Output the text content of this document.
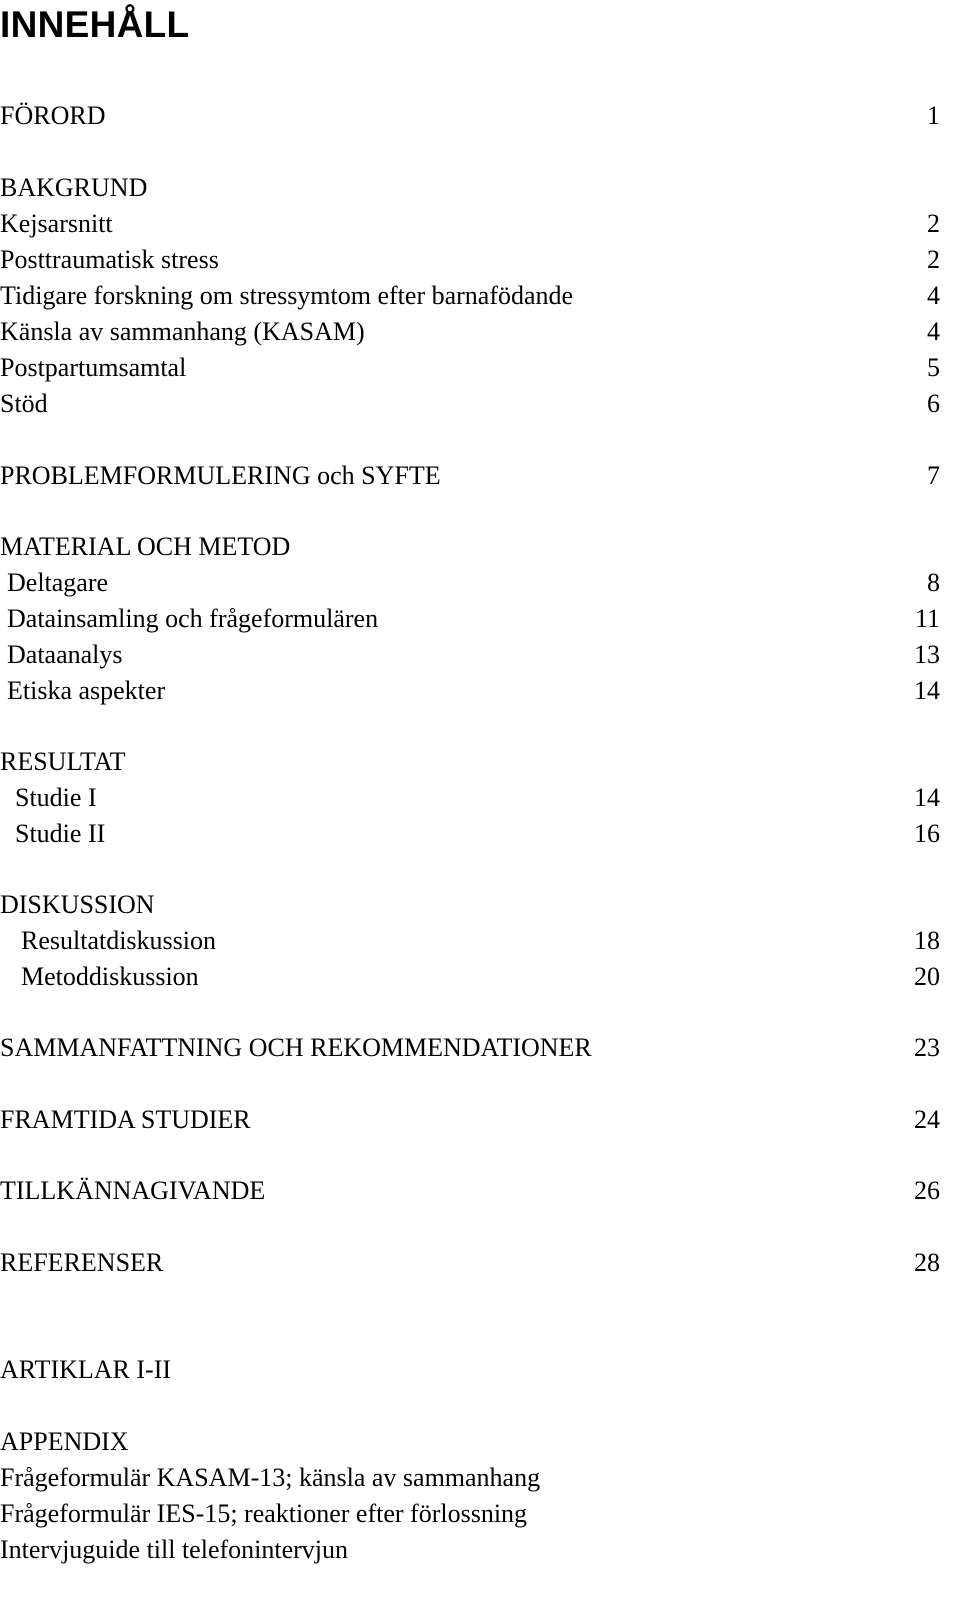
INNEHÅLL
FÖRORD	1
BAKGRUND
Kejsarsnitt	2
Posttraumatisk stress	2
Tidigare forskning om stressymtom efter barnafödande	4
Känsla av sammanhang (KASAM)	4
Postpartumsamtal	5
Stöd	6
PROBLEMFORMULERING och SYFTE	7
MATERIAL OCH METOD
Deltagare	8
Datainsamling och frågeformulären	11
Dataanalys	13
Etiska aspekter	14
RESULTAT
Studie I	14
Studie II	16
DISKUSSION
Resultatdiskussion	18
Metoddiskussion	20
SAMMANFATTNING OCH REKOMMENDATIONER	23
FRAMTIDA STUDIER	24
TILLKÄNNAGIVANDE	26
REFERENSER	28
ARTIKLAR I-II
APPENDIX
Frågeformulär KASAM-13; känsla av sammanhang
Frågeformulär IES-15; reaktioner efter förlossning
Intervjuguide till telefonintervjun
